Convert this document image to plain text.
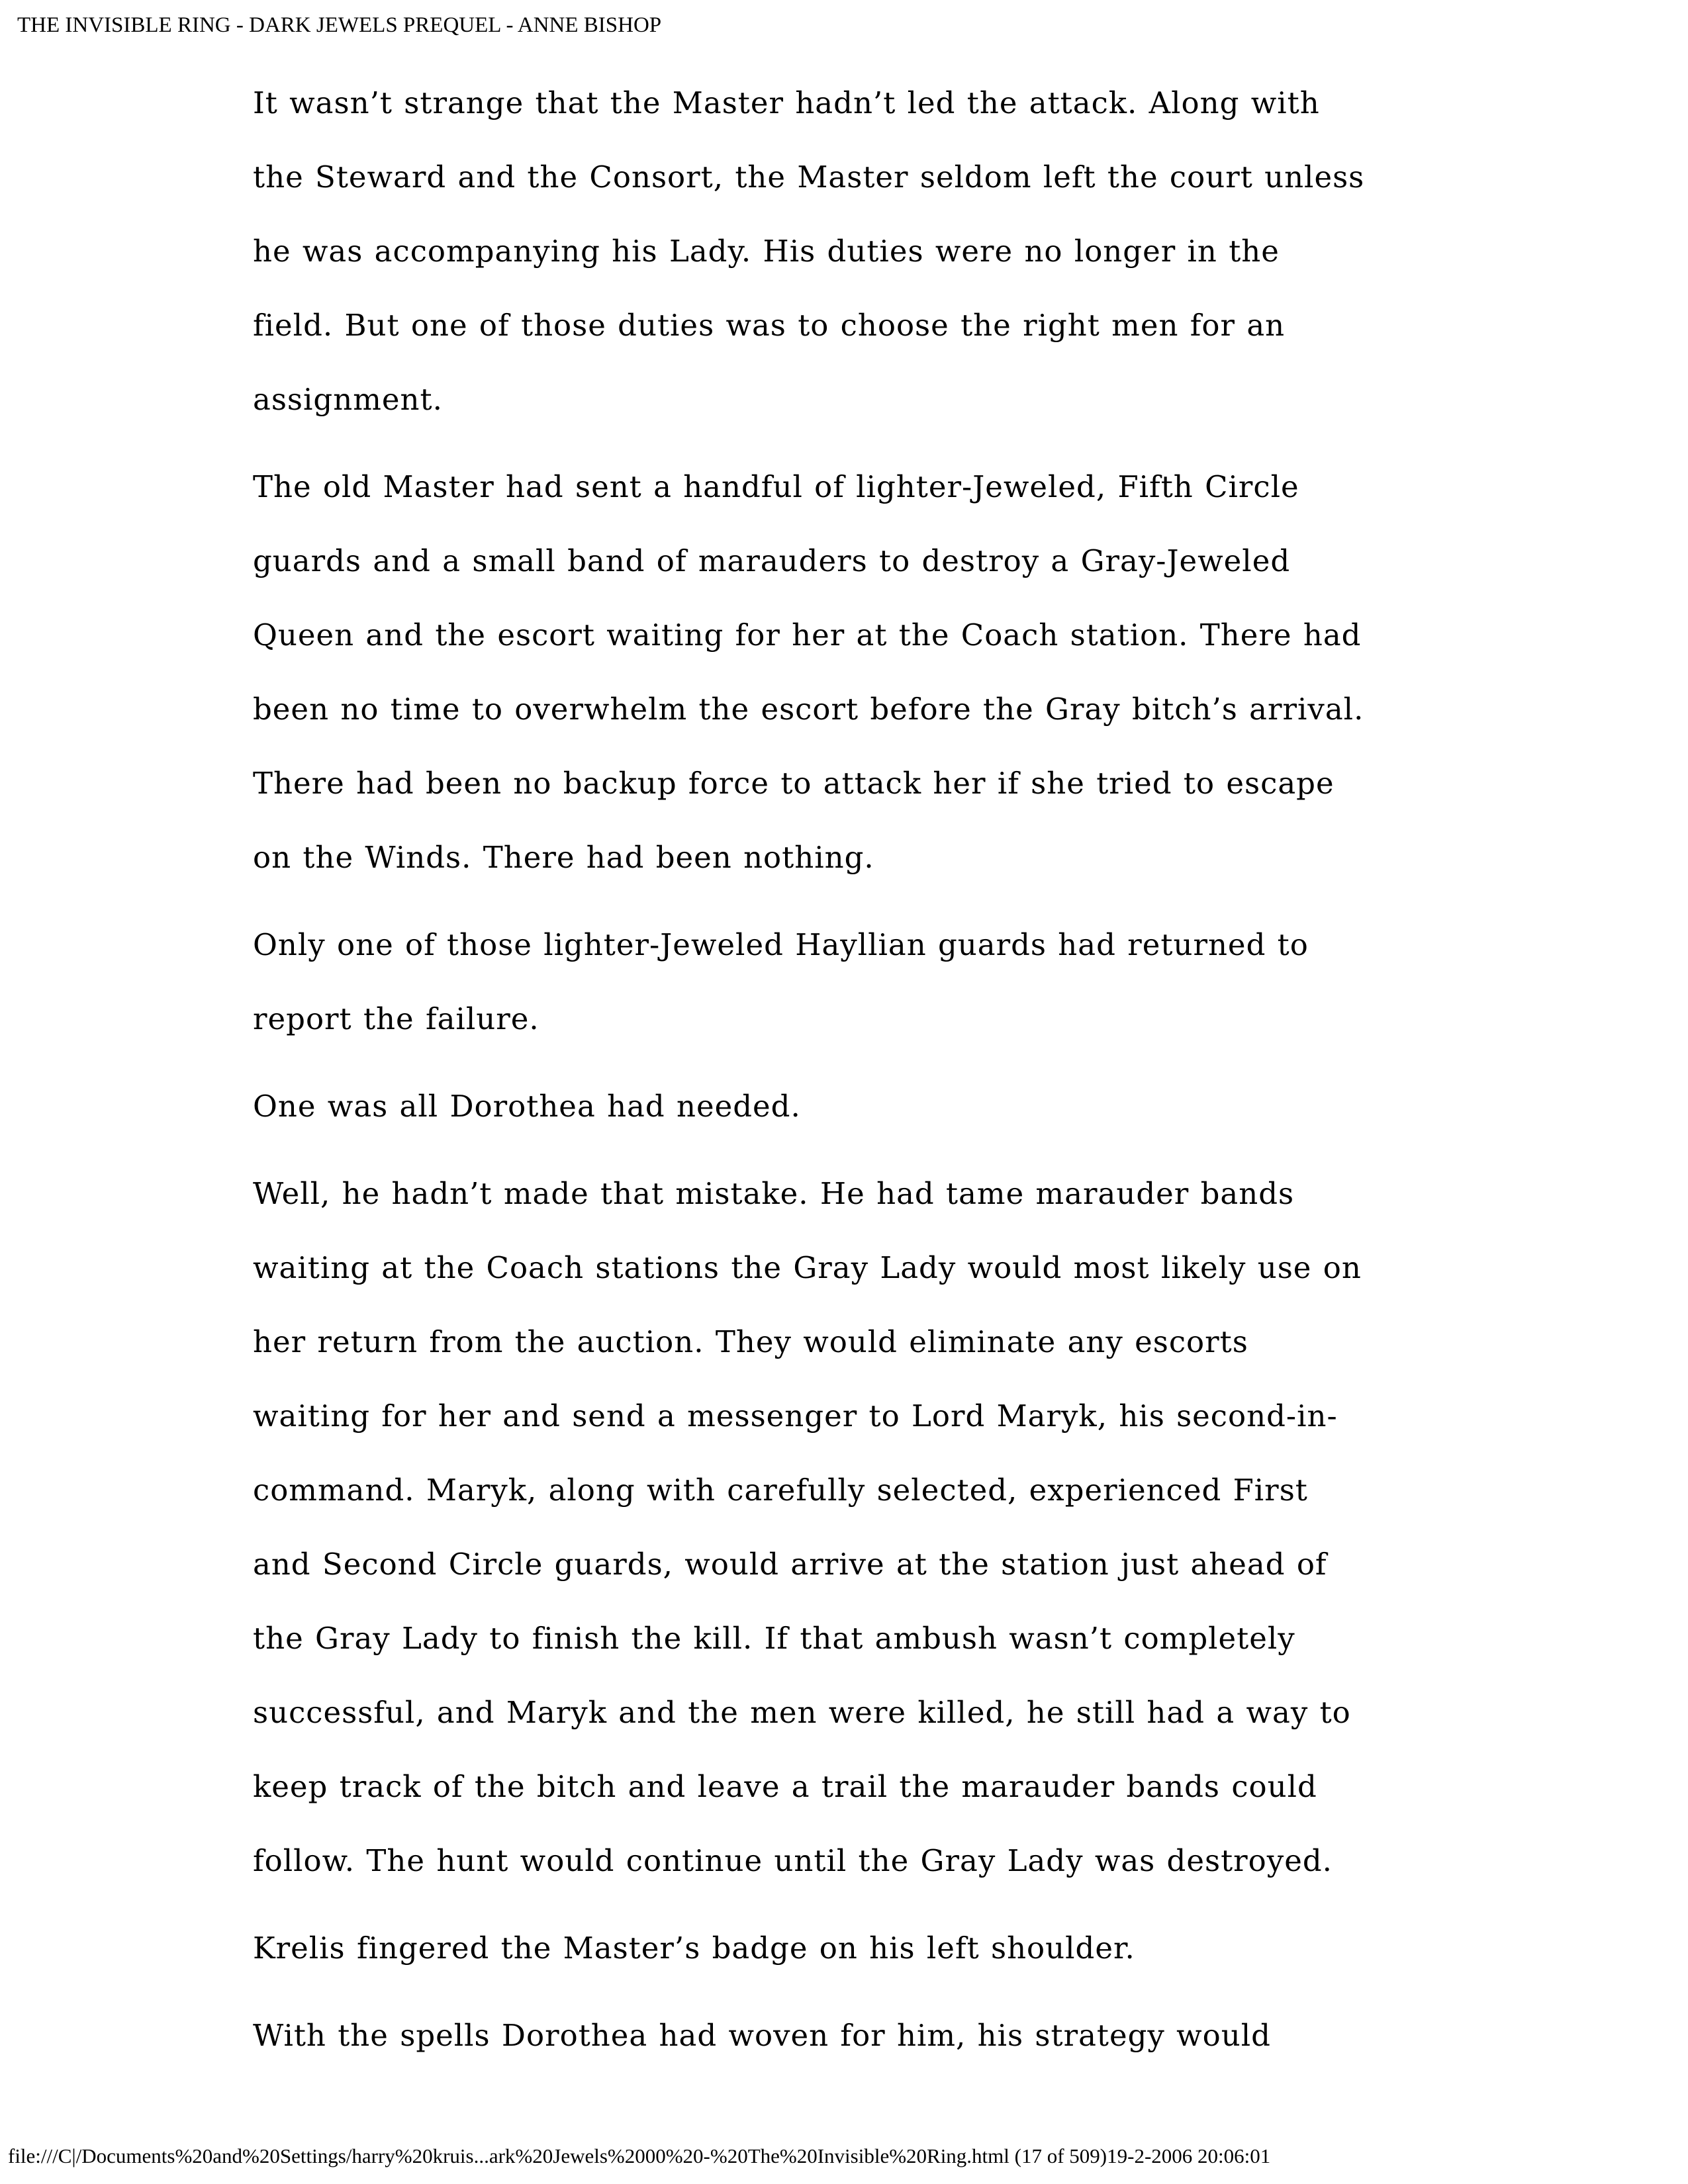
THE INVISIBLE RING - DARK JEWELS PREQUEL - ANNE BISHOP
It wasn’t strange that the Master hadn’t led the attack. Along with
the Steward and the Consort, the Master seldom left the court unless
he was accompanying his Lady. His duties were no longer in the
field. But one of those duties was to choose the right men for an
assignment.
The old Master had sent a handful of lighter-Jeweled, Fifth Circle
guards and a small band of marauders to destroy a Gray-Jeweled
Queen and the escort waiting for her at the Coach station. There had
been no time to overwhelm the escort before the Gray bitch’s arrival.
There had been no backup force to attack her if she tried to escape
on the Winds. There had been nothing.
Only one of those lighter-Jeweled Hayllian guards had returned to
report the failure.
One was all Dorothea had needed.
Well, he hadn’t made that mistake. He had tame marauder bands
waiting at the Coach stations the Gray Lady would most likely use on
her return from the auction. They would eliminate any escorts
waiting for her and send a messenger to Lord Maryk, his second-in-
command. Maryk, along with carefully selected, experienced First
and Second Circle guards, would arrive at the station just ahead of
the Gray Lady to finish the kill. If that ambush wasn’t completely
successful, and Maryk and the men were killed, he still had a way to
keep track of the bitch and leave a trail the marauder bands could
follow. The hunt would continue until the Gray Lady was destroyed.
Krelis fingered the Master’s badge on his left shoulder.
With the spells Dorothea had woven for him, his strategy would
file:///C|/Documents%20and%20Settings/harry%20kruis...ark%20Jewels%2000%20-%20The%20Invisible%20Ring.html (17 of 509)19-2-2006 20:06:01
